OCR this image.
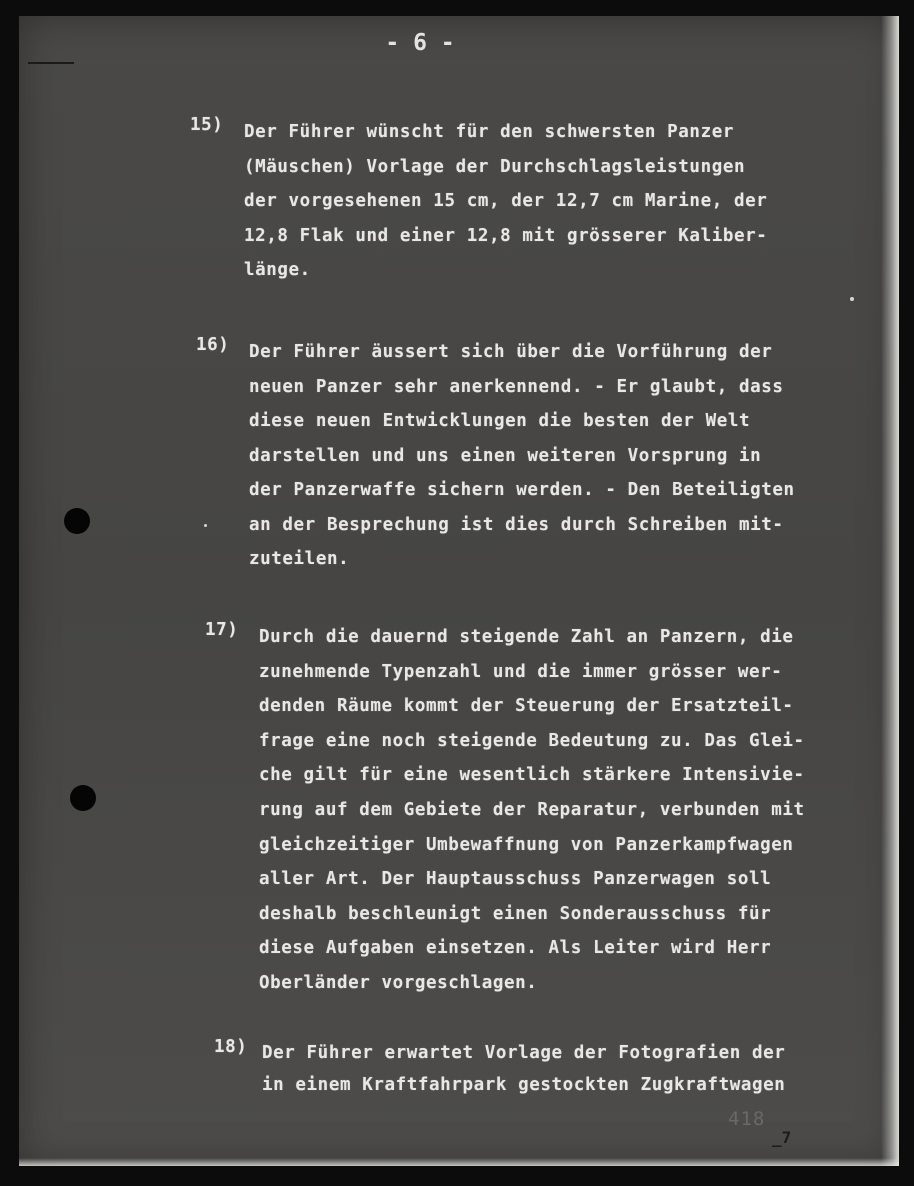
- 6 -
15) Der Führer wünscht für den schwersten Panzer
(Mäuschen) Vorlage der Durchschlagsleistungen
der vorgesehenen 15 cm, der 12,7 cm Marine, der
12,8 Flak und einer 12,8 mit grösserer Kaliber-
länge.
16) Der Führer äussert sich über die Vorführung der
neuen Panzer sehr anerkennend. - Er glaubt, dass
diese neuen Entwicklungen die besten der Welt
darstellen und uns einen weiteren Vorsprung in
der Panzerwaffe sichern werden. - Den Beteiligten
an der Besprechung ist dies durch Schreiben mit-
zuteilen.
17) Durch die dauernd steigende Zahl an Panzern, die
zunehmende Typenzahl und die immer grösser wer-
denden Räume kommt der Steuerung der Ersatzteil-
frage eine noch steigende Bedeutung zu. Das Glei-
che gilt für eine wesentlich stärkere Intensivie-
rung auf dem Gebiete der Reparatur, verbunden mit
gleichzeitiger Umbewaffnung von Panzerkampfwagen
aller Art. Der Hauptausschuss Panzerwagen soll
deshalb beschleunigt einen Sonderausschuss für
diese Aufgaben einsetzen. Als Leiter wird Herr
Oberländer vorgeschlagen.
18) Der Führer erwartet Vorlage der Fotografien der
in einem Kraftfahrpark gestockten Zugkraftwagen
418
_7
